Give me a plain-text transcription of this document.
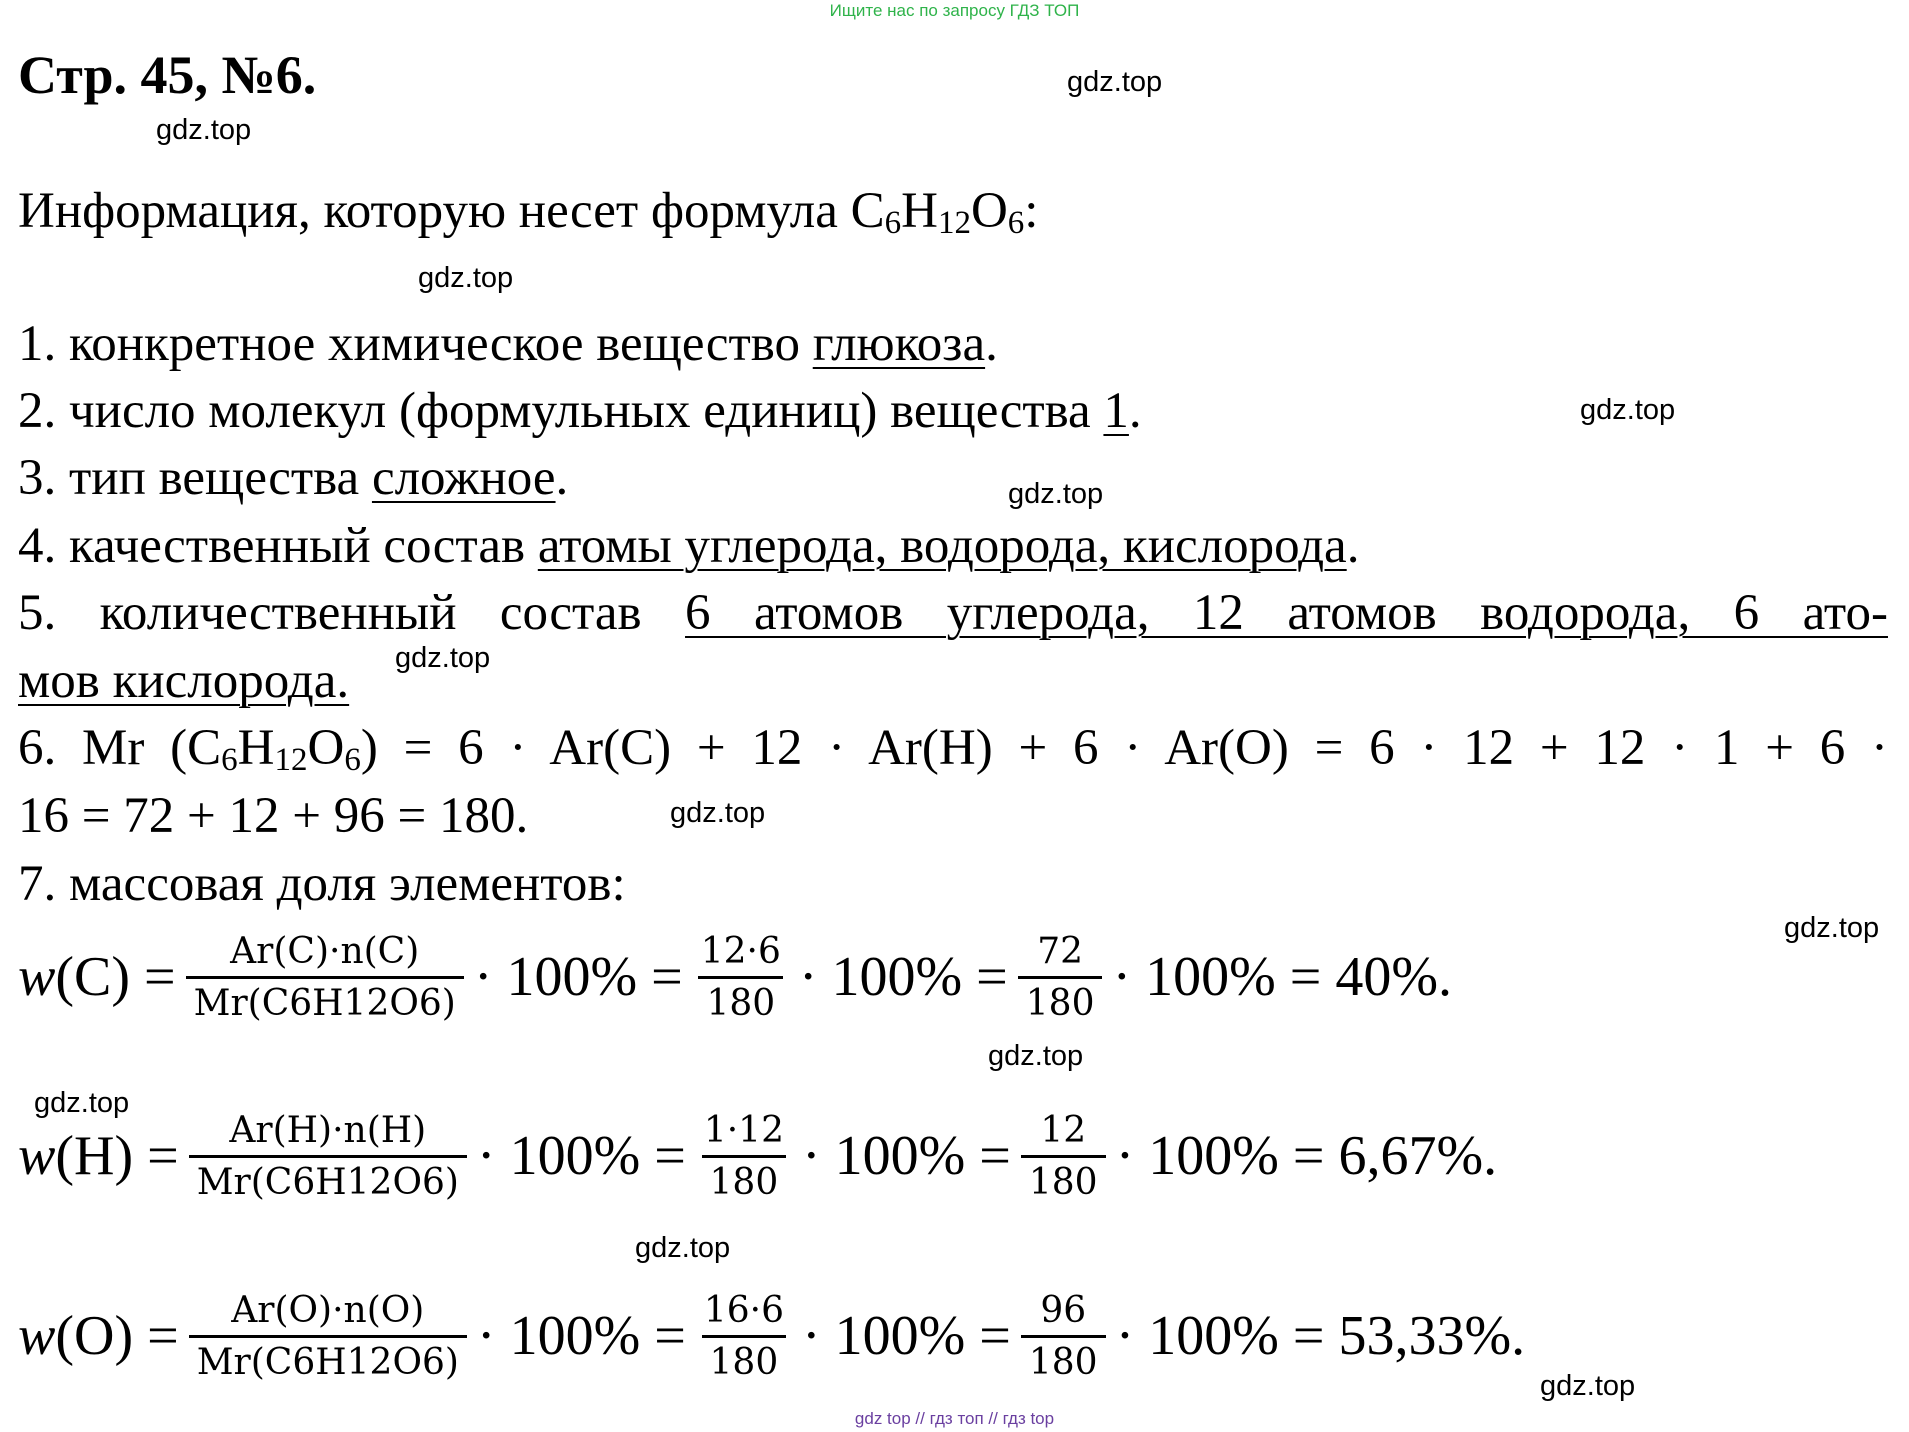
Ищите нас по запросу ГДЗ ТОП
Стр. 45, №6.	gdz.top
gdz.top
gdz.top
gdz.top
gdz.top
gdz.top
gdz.top
gdz.top
gdz.top
gdz.top
gdz.top
gdz.top
Информация, которую несет формула $C_6H_{12}O_6$:
1. конкретное химическое вещество глюкоза.
2. число молекул (формульных единиц) вещества 1.
3. тип вещества сложное.
4. качественный состав атомы углерода, водорода, кислорода.
5. количественный состав 6 атомов углерода, 12 атомов водорода, 6 ато-
мов кислорода.
6. Mr $(C_6H_{12}O_6) = 6 \cdot Ar(C) + 12 \cdot Ar(H) + 6 \cdot Ar(O) = 6 \cdot 12 + 12 \cdot 1 + 6$ ·
16 = 72 + 12 + 96 = 180.
7. массовая доля элементов:
w $(C) = \frac{Ar(C)\cdot n(C)}{Mr(C6H12O6)} \cdot 100\% = \frac{12\cdot 6}{180} \cdot 100\% = \frac{72}{180} \cdot 100\% = 40\%$.
w $(H) = \frac{Ar(H)\cdot n(H)}{Mr(C6H12O6)} \cdot 100\% = \frac{1\cdot 12}{180} \cdot 100\% = \frac{12}{180} \cdot 100\% = 6,67\%$.
w $(O) = \frac{Ar(O)\cdot n(O)}{Mr(C6H12O6)} \cdot 100\% = \frac{16\cdot 6}{180} \cdot 100\% = \frac{96}{180} \cdot 100\% = 53,33\%$.
gdz top // гдз топ // гдз top
